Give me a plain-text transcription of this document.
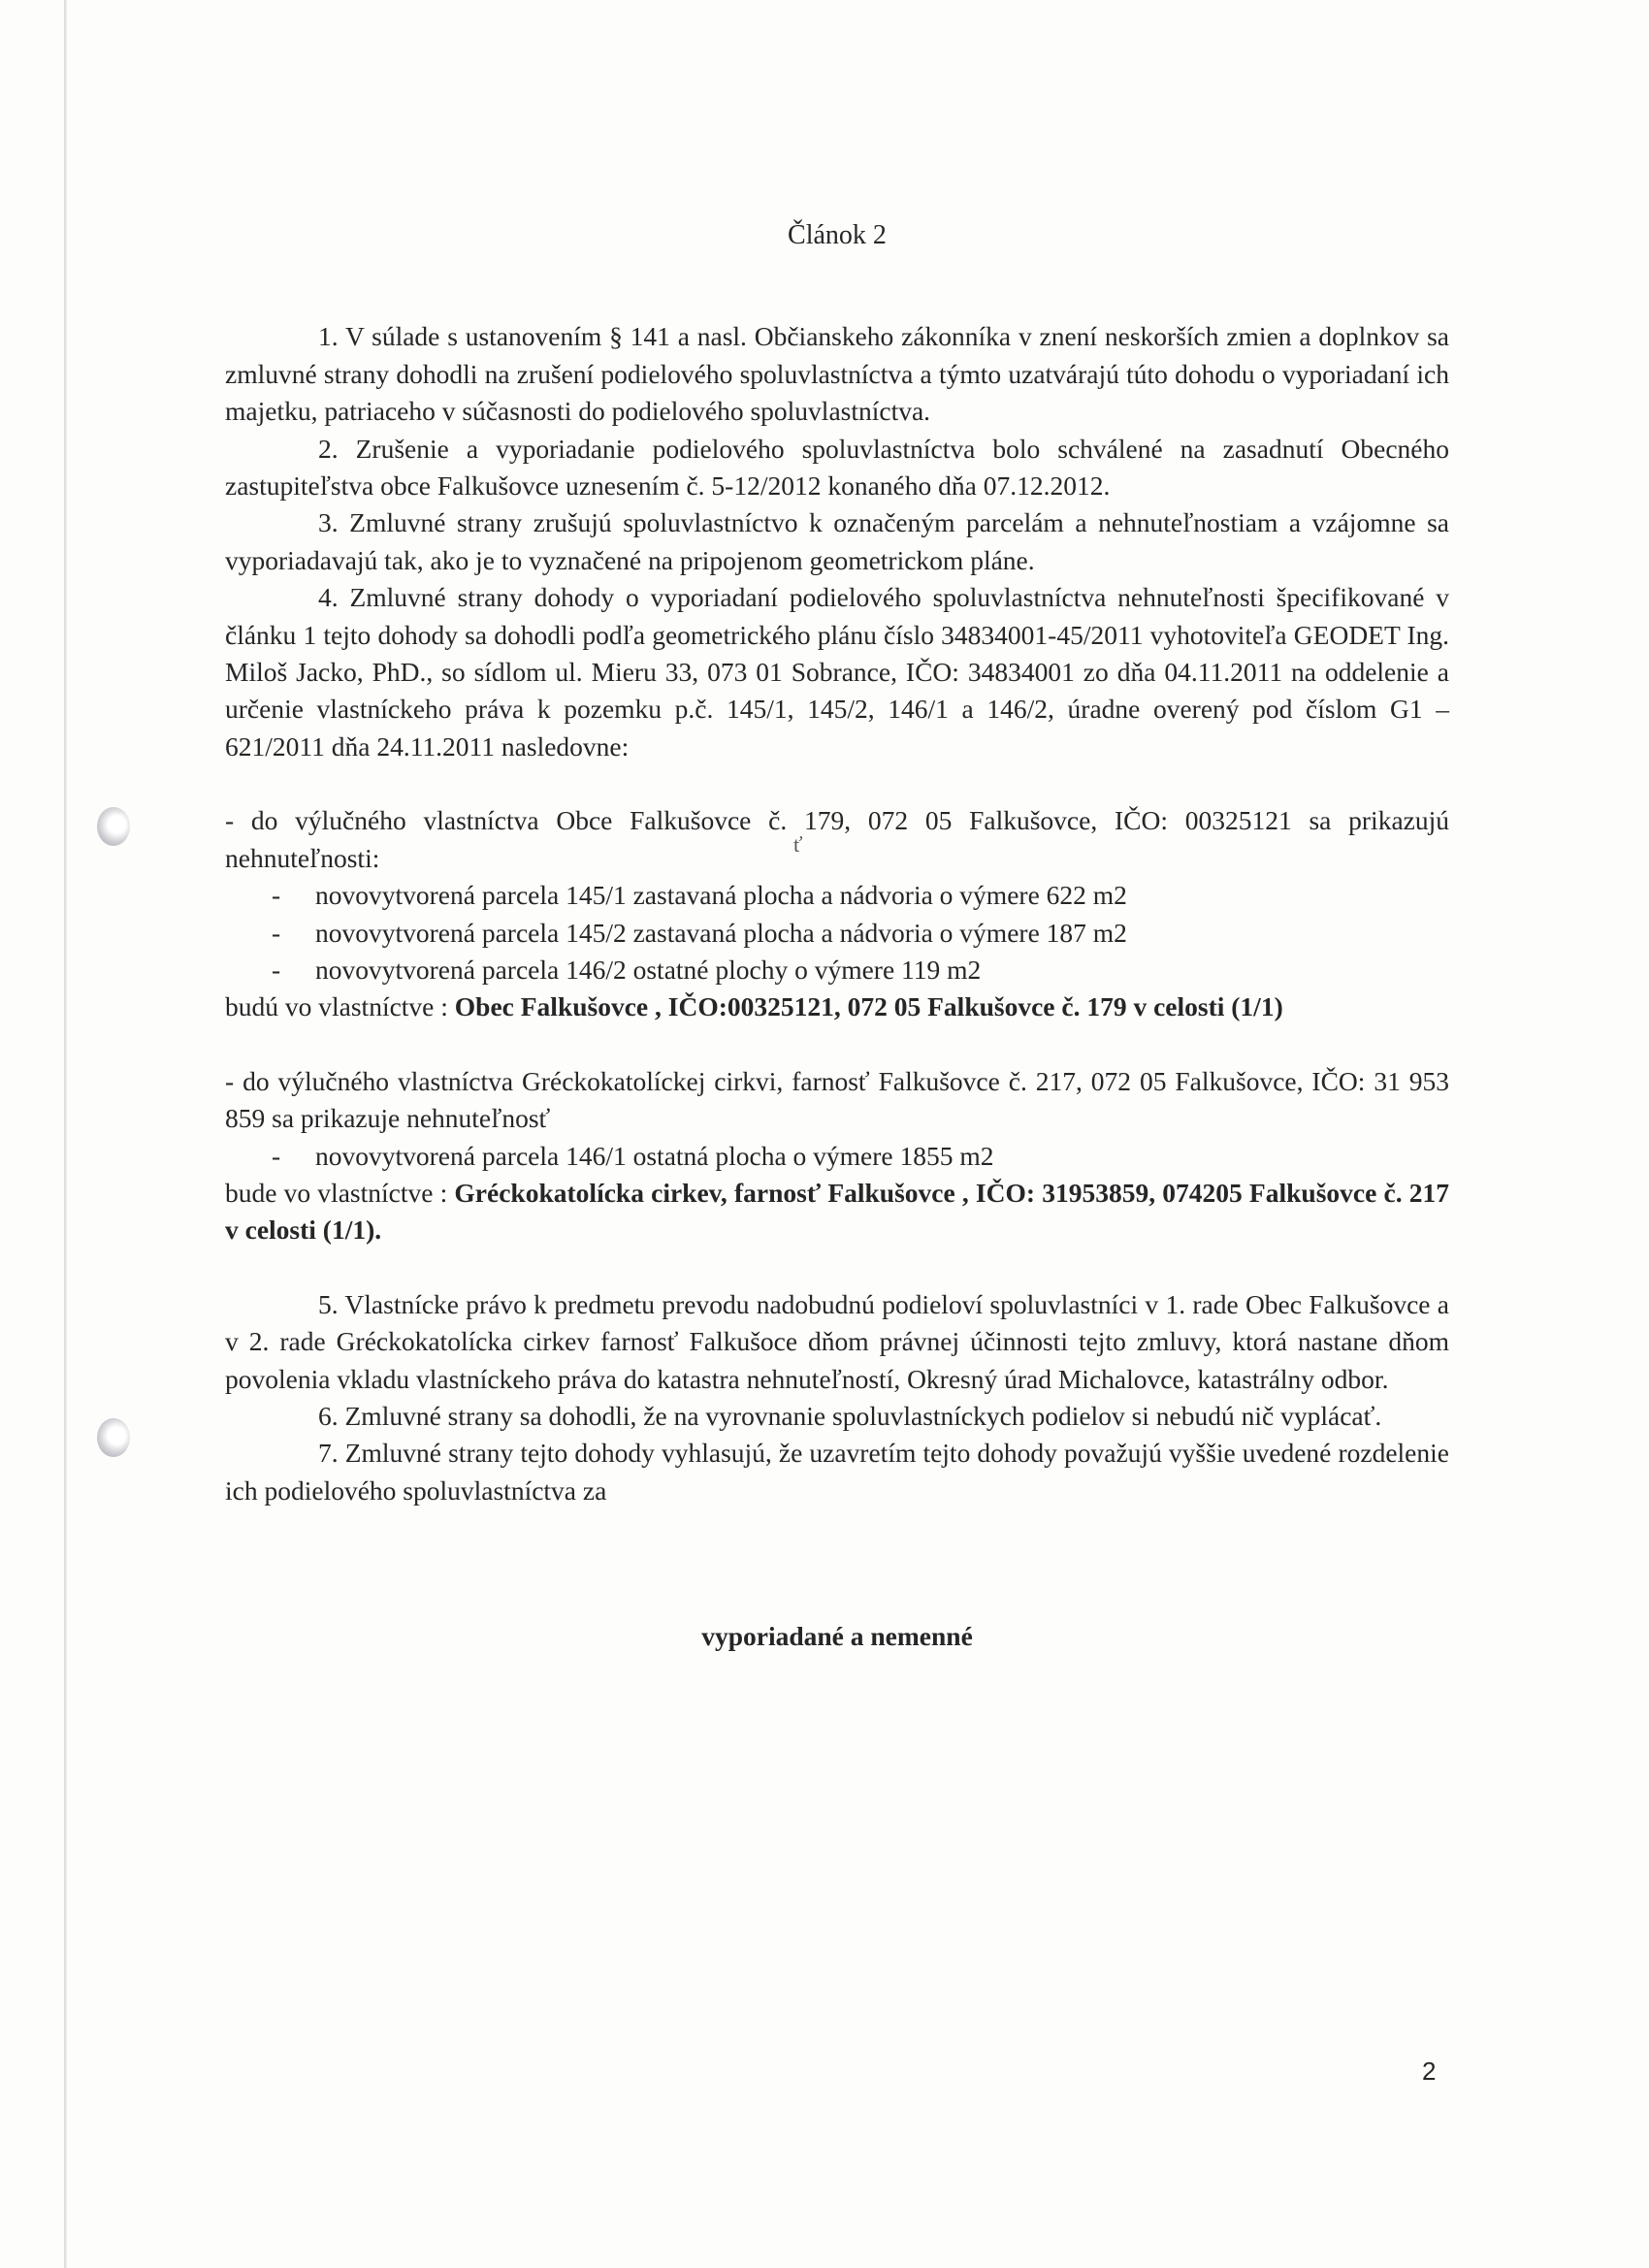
Článok 2

1. V súlade s ustanovením § 141 a nasl. Občianskeho zákonníka v znení neskorších zmien a doplnkov sa zmluvné strany dohodli na zrušení podielového spoluvlastníctva a týmto uzatvárajú túto dohodu o vyporiadaní ich majetku, patriaceho v súčasnosti do podielového spoluvlastníctva.

2. Zrušenie a vyporiadanie podielového spoluvlastníctva bolo schválené na zasadnutí Obecného zastupiteľstva obce Falkušovce uznesením č. 5-12/2012 konaného dňa 07.12.2012.

3. Zmluvné strany zrušujú spoluvlastníctvo k označeným parcelám a nehnuteľnostiam a vzájomne sa vyporiadavajú tak, ako je to vyznačené na pripojenom geometrickom pláne.

4. Zmluvné strany dohody o vyporiadaní podielového spoluvlastníctva nehnuteľnosti špecifikované v článku 1 tejto dohody sa dohodli podľa geometrického plánu číslo 34834001-45/2011 vyhotoviteľa GEODET Ing. Miloš Jacko, PhD., so sídlom ul. Mieru 33, 073 01 Sobrance, IČO: 34834001 zo dňa 04.11.2011 na oddelenie a určenie vlastníckeho práva k pozemku p.č. 145/1, 145/2, 146/1 a 146/2, úradne overený pod číslom G1 – 621/2011 dňa 24.11.2011 nasledovne:

- do výlučného vlastníctva Obce Falkušovce č. 179, 072 05 Falkušovce, IČO: 00325121 sa prikazujú nehnuteľnosti:

- novovytvorená parcela 145/1 zastavaná plocha a nádvoria o výmere 622 m2
- novovytvorená parcela 145/2 zastavaná plocha a nádvoria o výmere 187 m2
- novovytvorená parcela 146/2 ostatné plochy o výmere 119 m2

budú vo vlastníctve : Obec Falkušovce , IČO:00325121, 072 05 Falkušovce č. 179 v celosti (1/1)

- do výlučného vlastníctva Gréckokatolíckej cirkvi, farnosť Falkušovce č. 217, 072 05 Falkušovce, IČO: 31 953 859 sa prikazuje nehnuteľnosť

- novovytvorená parcela 146/1 ostatná plocha o výmere 1855 m2

bude vo vlastníctve : Gréckokatolícka cirkev, farnosť Falkušovce , IČO: 31953859, 074205 Falkušovce č. 217 v celosti (1/1).

5. Vlastnícke právo k predmetu prevodu nadobudnú podieloví spoluvlastníci v 1. rade Obec Falkušovce a v 2. rade Gréckokatolícka cirkev farnosť Falkušoce dňom právnej účinnosti tejto zmluvy, ktorá nastane dňom povolenia vkladu vlastníckeho práva do katastra nehnuteľností, Okresný úrad Michalovce, katastrálny odbor.

6. Zmluvné strany sa dohodli, že na vyrovnanie spoluvlastníckych podielov si nebudú nič vyplácať.

7. Zmluvné strany tejto dohody vyhlasujú, že uzavretím tejto dohody považujú vyššie uvedené rozdelenie ich podielového spoluvlastníctva za

vyporiadané a nemenné
ť
2
